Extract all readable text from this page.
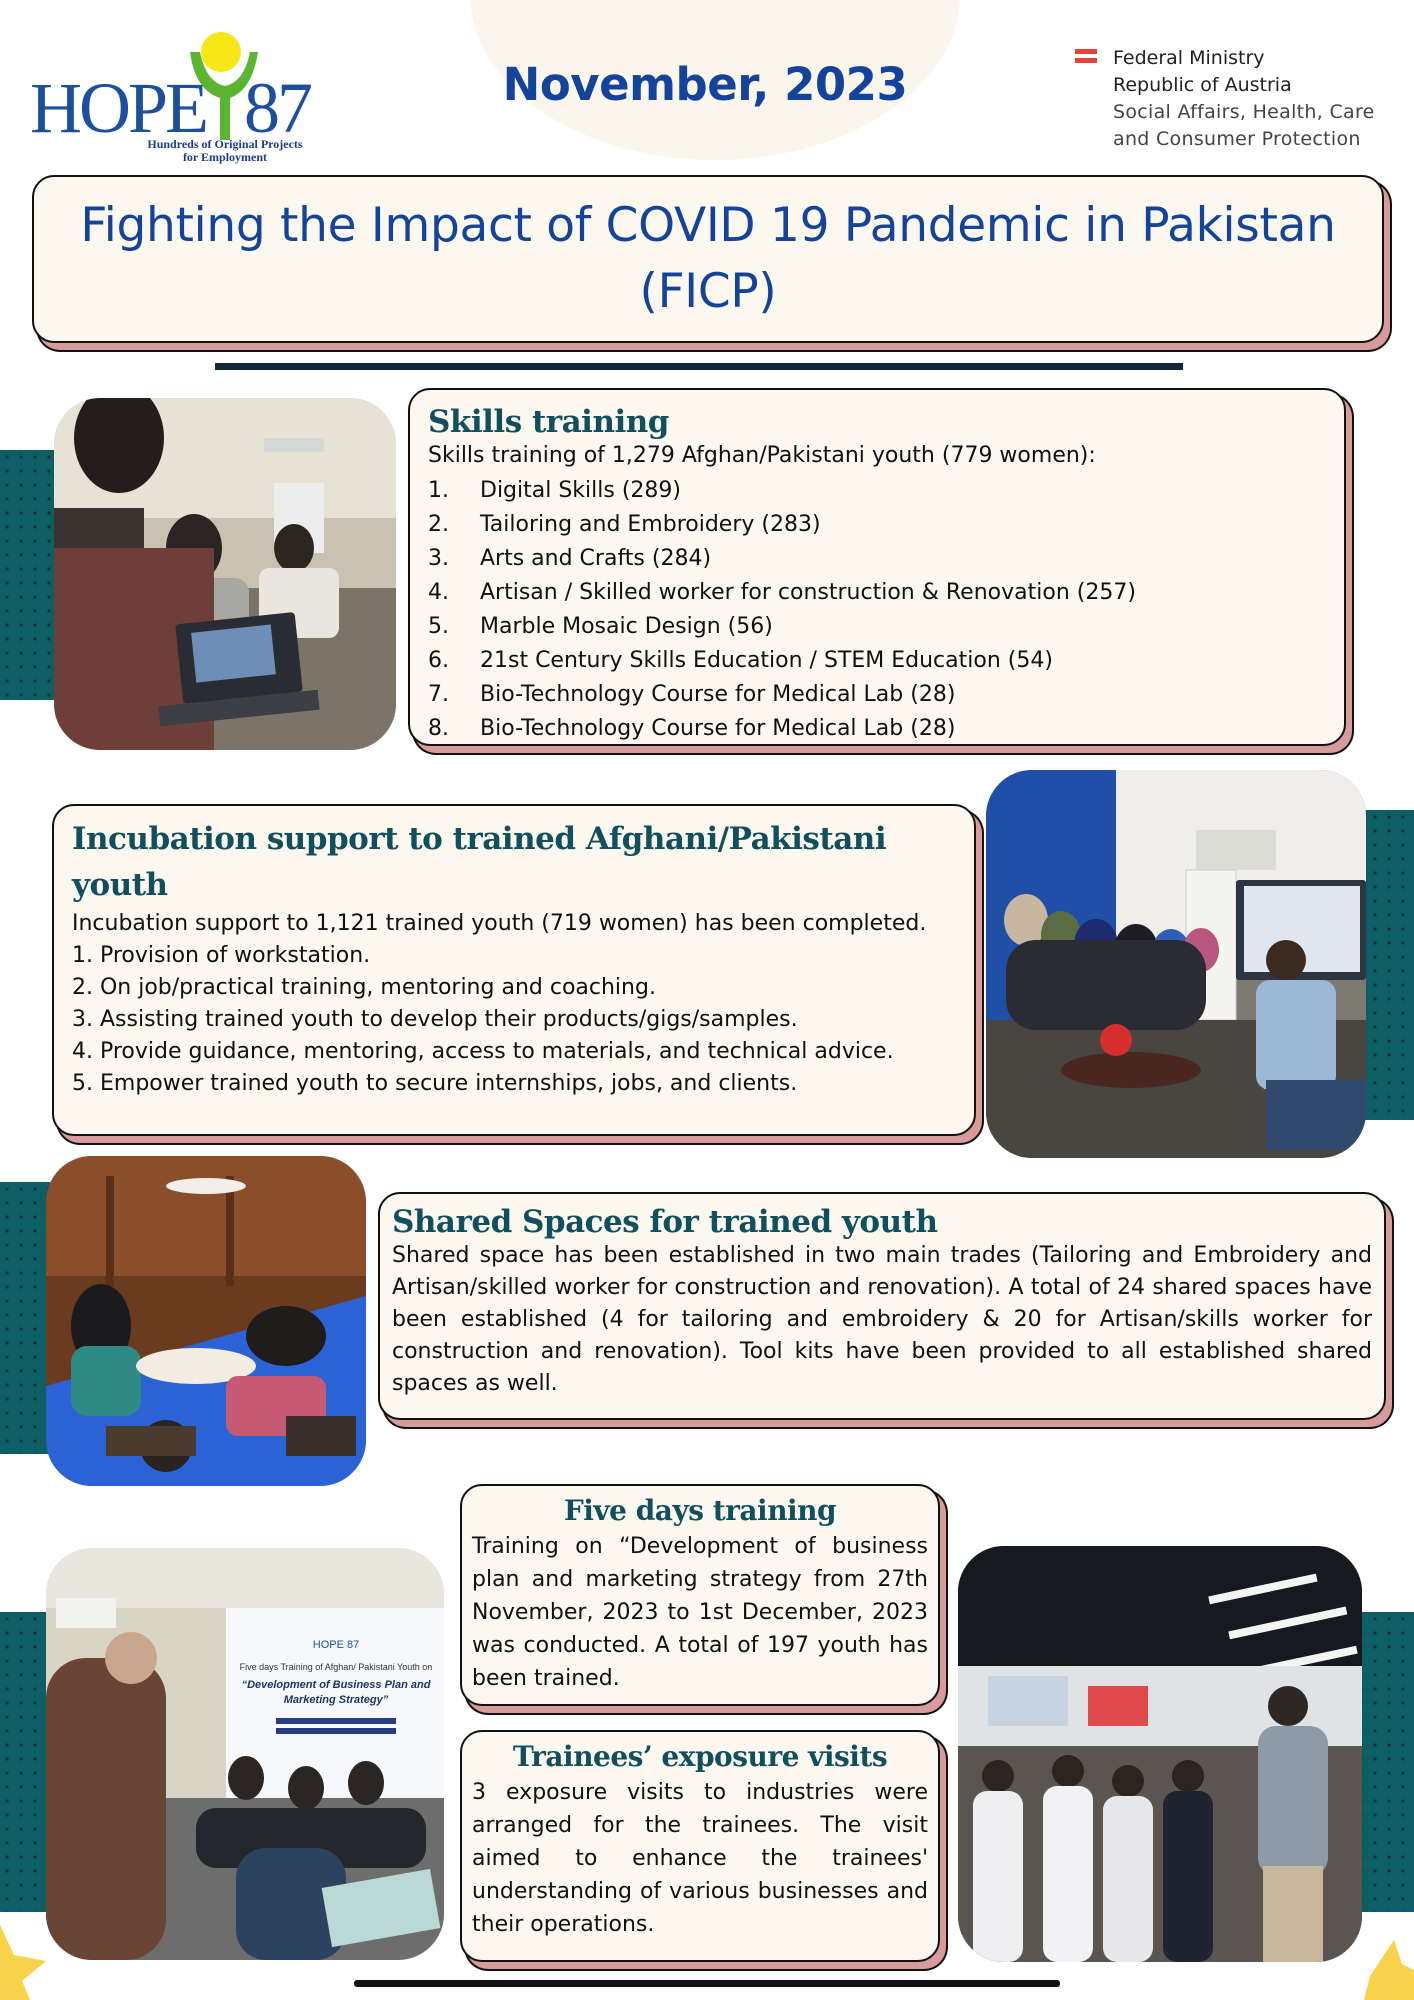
HOPE 87
Hundreds of Original Projects
for Employment
November, 2023	Federal Ministry
Republic of Austria
Social Affairs, Health, Care
and Consumer Protection
Fighting the Impact of COVID 19 Pandemic in Pakistan
(FICP)
Skills training
Skills training of 1,279 Afghan/Pakistani youth (779 women):
1.	Digital Skills (289)
2.	Tailoring and Embroidery (283)
3.	Arts and Crafts (284)
4.	Artisan / Skilled worker for construction & Renovation (257)
5.	Marble Mosaic Design (56)
6.	21st Century Skills Education / STEM Education (54)
7.	Bio-Technology Course for Medical Lab (28)
8.	Bio-Technology Course for Medical Lab (28)
Incubation support to trained Afghani/Pakistani youth
Incubation support to 1,121 trained youth (719 women) has been completed.
1. Provision of workstation.
2. On job/practical training, mentoring and coaching.
3. Assisting trained youth to develop their products/gigs/samples.
4. Provide guidance, mentoring, access to materials, and technical advice.
5. Empower trained youth to secure internships, jobs, and clients.
Shared Spaces for trained youth
Shared space has been established in two main trades (Tailoring and Embroidery and Artisan/skilled worker for construction and renovation). A total of 24 shared spaces have been established (4 for tailoring and embroidery & 20 for Artisan/skills worker for construction and renovation). Tool kits have been provided to all established shared spaces as well.
HOPE 87
Five days Training of Afghan/ Pakistani Youth on
“Development of Business Plan and
Marketing Strategy”
Five days training
Training on “Development of business plan and marketing strategy from 27th November, 2023 to 1st December, 2023 was conducted. A total of 197 youth has been trained.
Trainees’ exposure visits
3 exposure visits to industries were arranged for the trainees. The visit aimed to enhance the trainees' understanding of various businesses and their operations.
